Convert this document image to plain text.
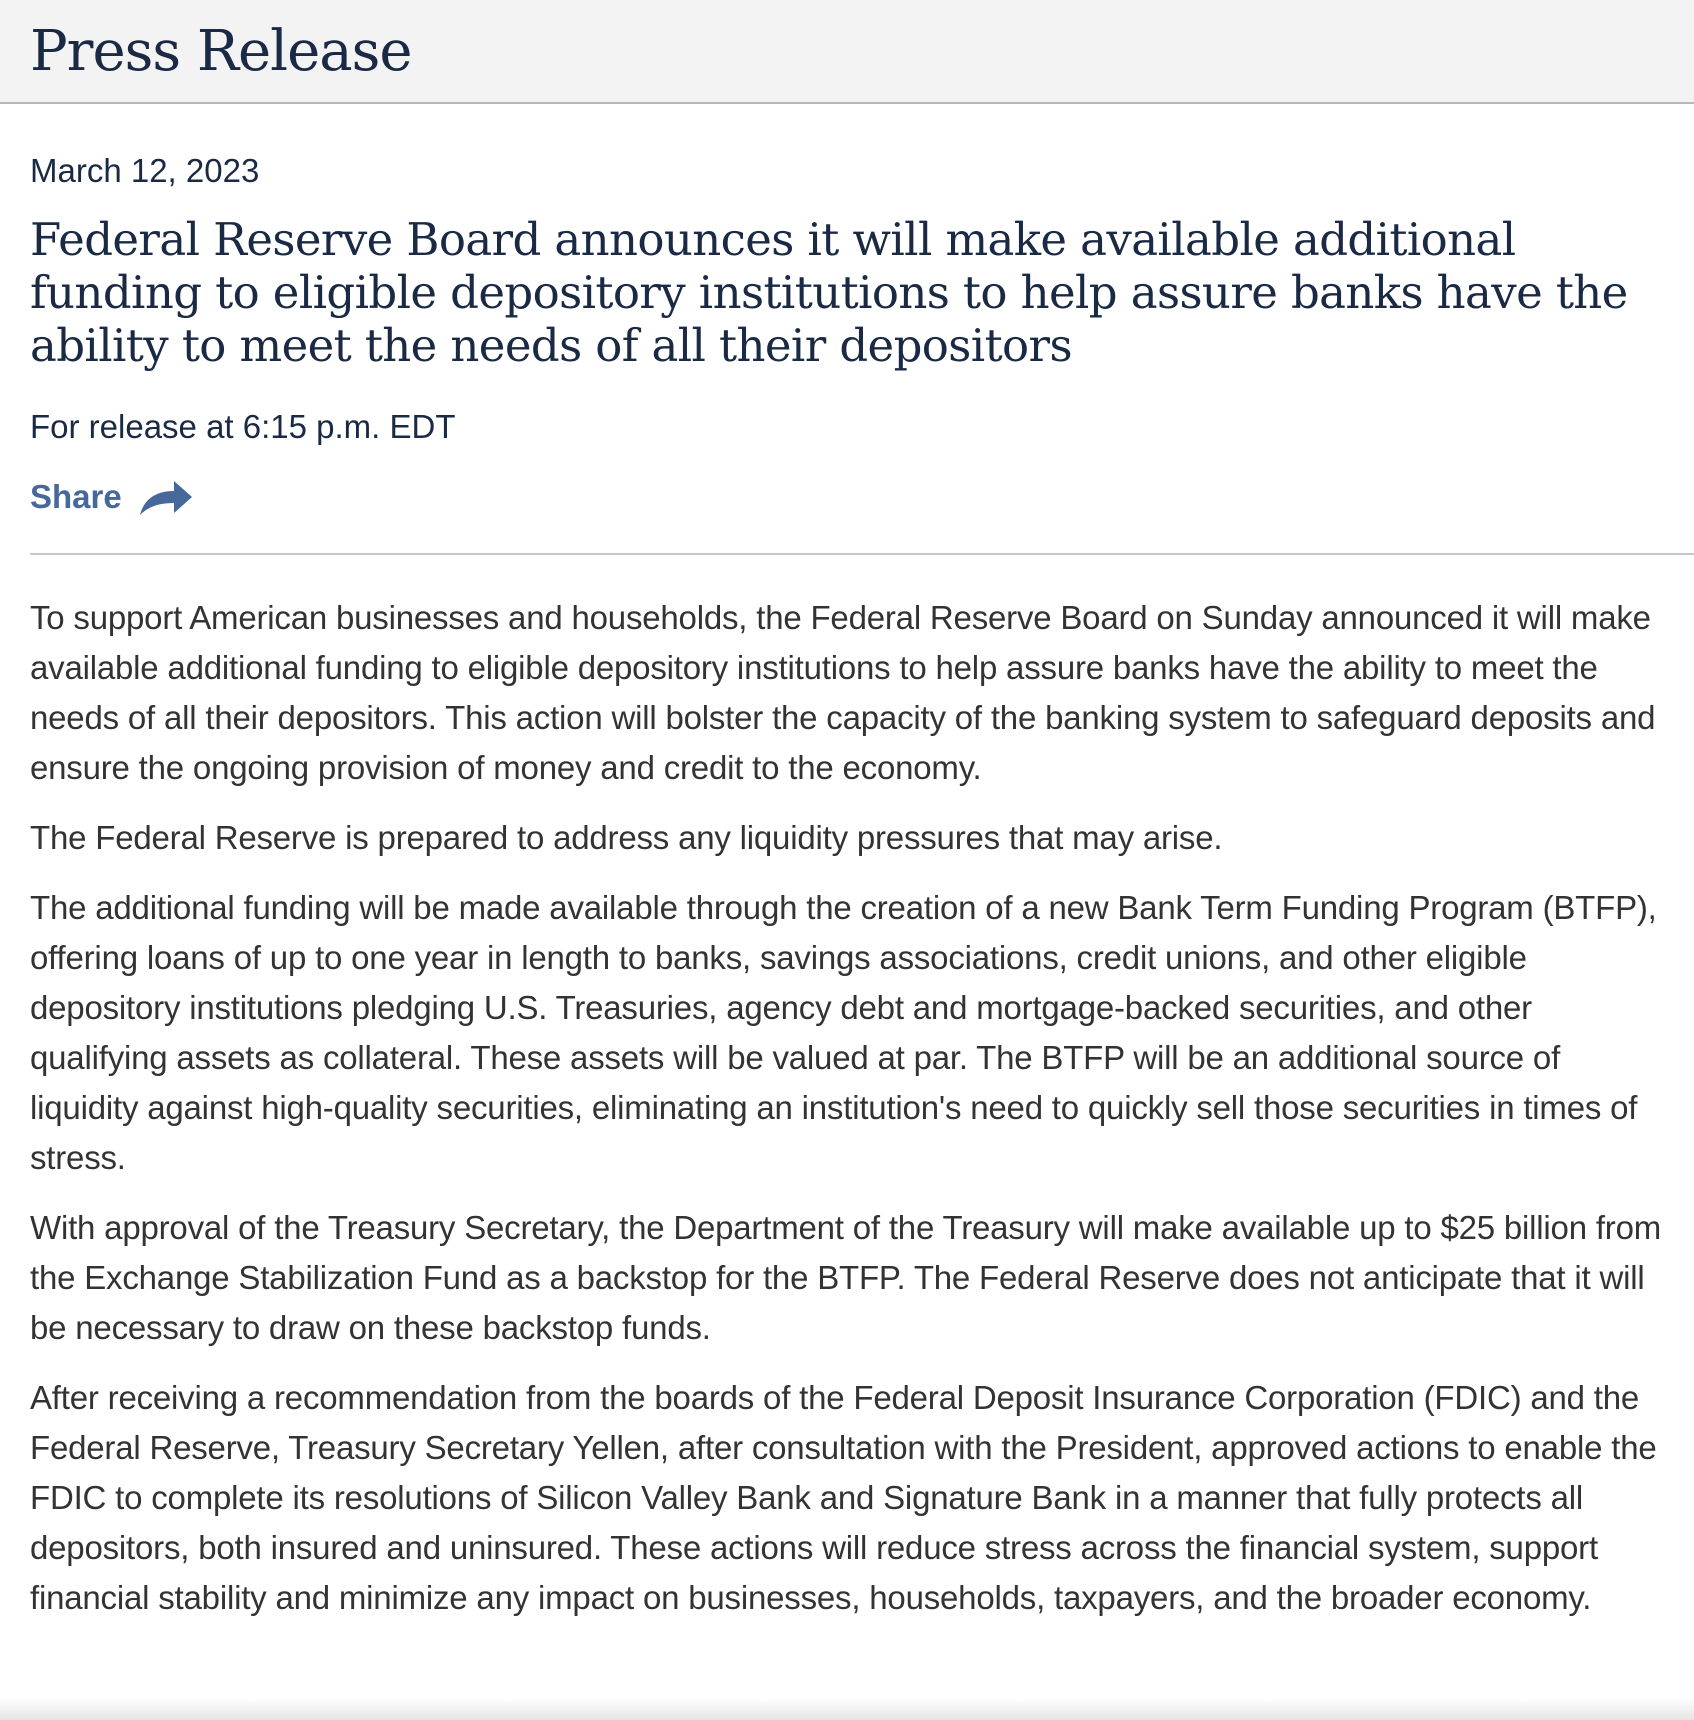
Press Release

March 12, 2023

Federal Reserve Board announces it will make available additional funding to eligible depository institutions to help assure banks have the ability to meet the needs of all their depositors

For release at 6:15 p.m. EDT

Share

To support American businesses and households, the Federal Reserve Board on Sunday announced it will make available additional funding to eligible depository institutions to help assure banks have the ability to meet the needs of all their depositors. This action will bolster the capacity of the banking system to safeguard deposits and ensure the ongoing provision of money and credit to the economy.

The Federal Reserve is prepared to address any liquidity pressures that may arise.

The additional funding will be made available through the creation of a new Bank Term Funding Program (BTFP), offering loans of up to one year in length to banks, savings associations, credit unions, and other eligible depository institutions pledging U.S. Treasuries, agency debt and mortgage-backed securities, and other qualifying assets as collateral. These assets will be valued at par. The BTFP will be an additional source of liquidity against high-quality securities, eliminating an institution's need to quickly sell those securities in times of stress.

With approval of the Treasury Secretary, the Department of the Treasury will make available up to $25 billion from the Exchange Stabilization Fund as a backstop for the BTFP. The Federal Reserve does not anticipate that it will be necessary to draw on these backstop funds.

After receiving a recommendation from the boards of the Federal Deposit Insurance Corporation (FDIC) and the Federal Reserve, Treasury Secretary Yellen, after consultation with the President, approved actions to enable the FDIC to complete its resolutions of Silicon Valley Bank and Signature Bank in a manner that fully protects all depositors, both insured and uninsured. These actions will reduce stress across the financial system, support financial stability and minimize any impact on businesses, households, taxpayers, and the broader economy.
